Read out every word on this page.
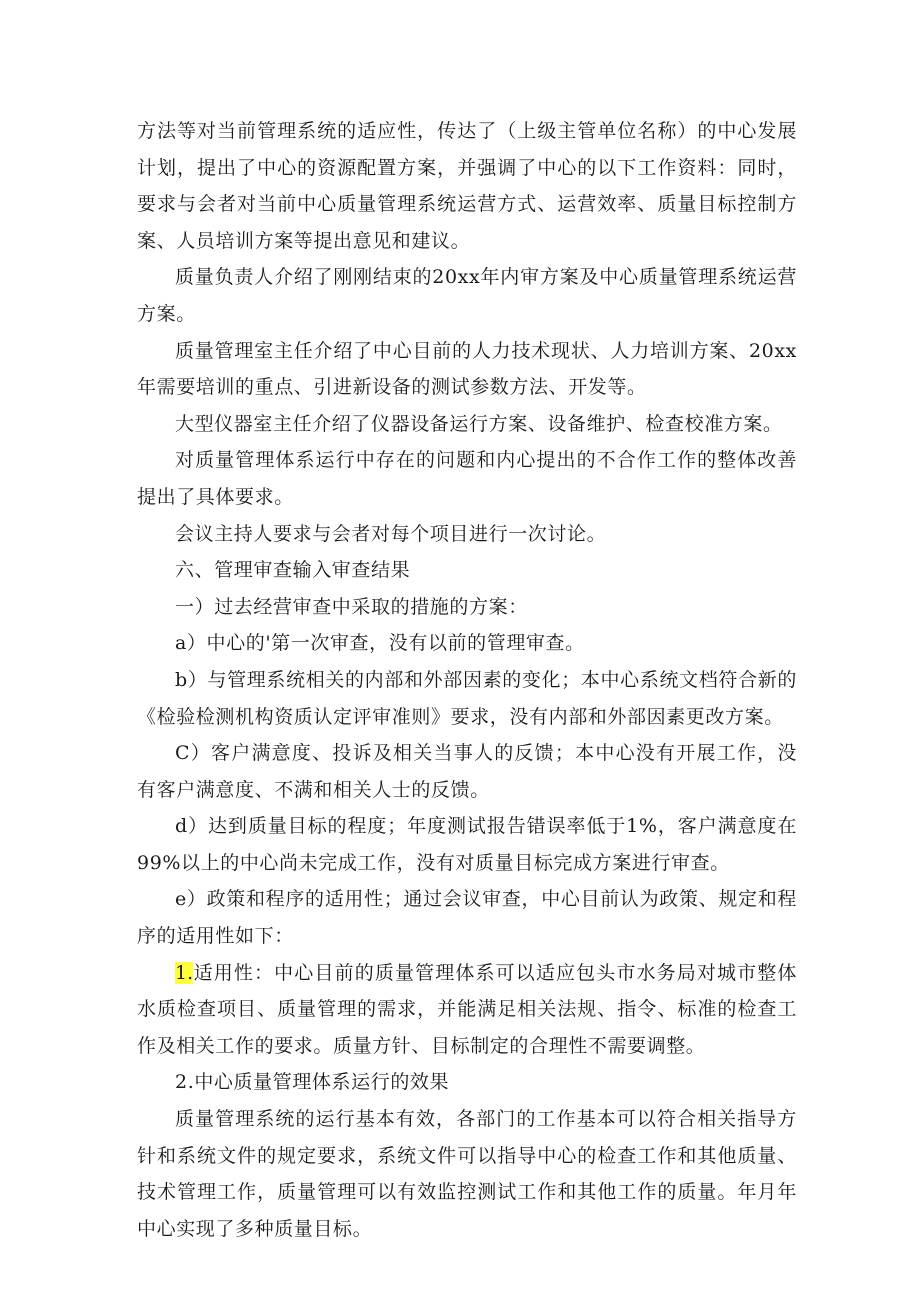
方法等对当前管理系统的适应性，传达了（上级主管单位名称）的中心发展计划，提出了中心的资源配置方案，并强调了中心的以下工作资料：同时，要求与会者对当前中心质量管理系统运营方式、运营效率、质量目标控制方案、人员培训方案等提出意见和建议。

质量负责人介绍了刚刚结束的20xx年内审方案及中心质量管理系统运营方案。

质量管理室主任介绍了中心目前的人力技术现状、人力培训方案、20xx年需要培训的重点、引进新设备的测试参数方法、开发等。

大型仪器室主任介绍了仪器设备运行方案、设备维护、检查校准方案。

对质量管理体系运行中存在的问题和内心提出的不合作工作的整体改善提出了具体要求。

会议主持人要求与会者对每个项目进行一次讨论。

六、管理审查输入审查结果

一）过去经营审查中采取的措施的方案：

a）中心的'第一次审查，没有以前的管理审查。

b）与管理系统相关的内部和外部因素的变化；本中心系统文档符合新的《检验检测机构资质认定评审准则》要求，没有内部和外部因素更改方案。

C）客户满意度、投诉及相关当事人的反馈；本中心没有开展工作，没有客户满意度、不满和相关人士的反馈。

d）达到质量目标的程度；年度测试报告错误率低于1%，客户满意度在99%以上的中心尚未完成工作，没有对质量目标完成方案进行审查。

e）政策和程序的适用性；通过会议审查，中心目前认为政策、规定和程序的适用性如下：

1.适用性：中心目前的质量管理体系可以适应包头市水务局对城市整体水质检查项目、质量管理的需求，并能满足相关法规、指令、标准的检查工作及相关工作的要求。质量方针、目标制定的合理性不需要调整。

2.中心质量管理体系运行的效果

质量管理系统的运行基本有效，各部门的工作基本可以符合相关指导方针和系统文件的规定要求，系统文件可以指导中心的检查工作和其他质量、技术管理工作，质量管理可以有效监控测试工作和其他工作的质量。年月年中心实现了多种质量目标。
